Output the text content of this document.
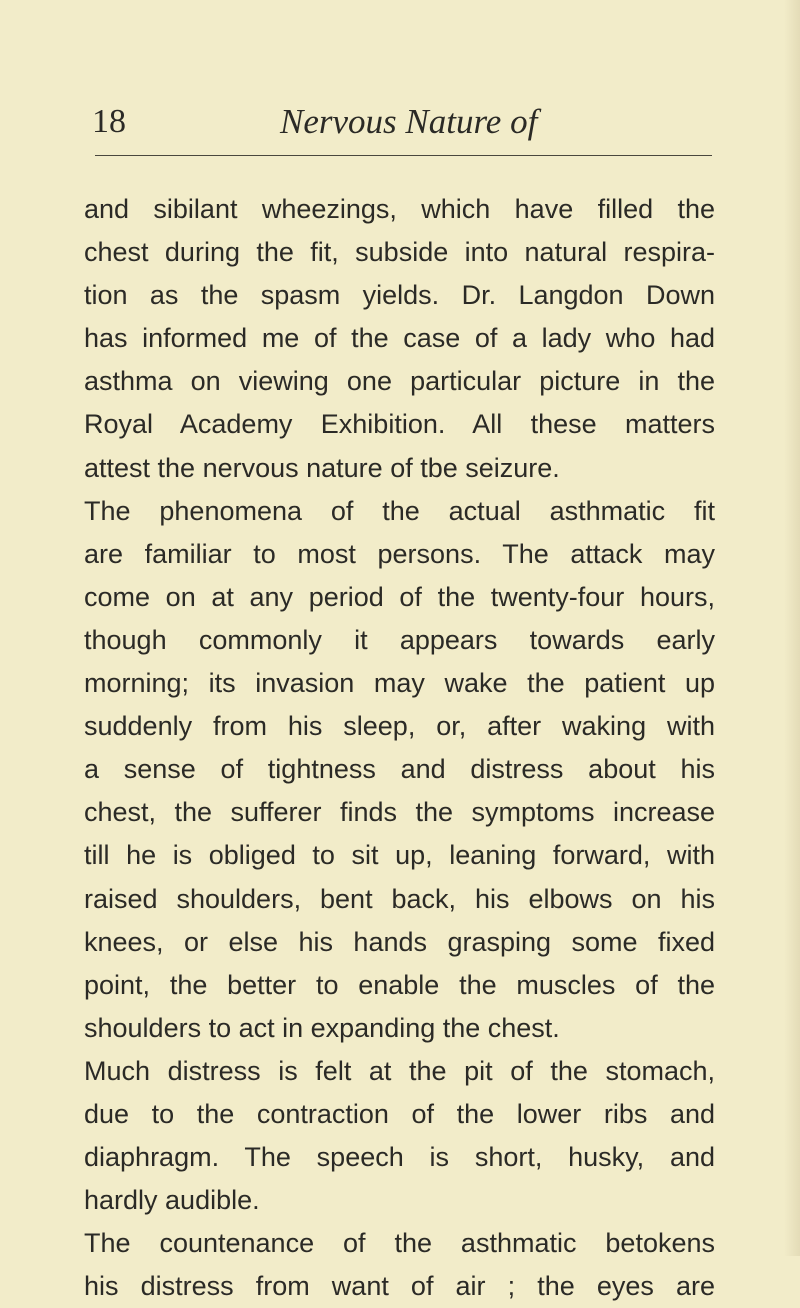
18	Nervous Nature of
and sibilant wheezings, which have filled the
chest during the fit, subside into natural respira-
tion as the spasm yields. Dr. Langdon Down
has informed me of the case of a lady who had
asthma on viewing one particular picture in the
Royal Academy Exhibition. All these matters
attest the nervous nature of tbe seizure.
The phenomena of the actual asthmatic fit
are familiar to most persons. The attack may
come on at any period of the twenty-four hours,
though commonly it appears towards early
morning; its invasion may wake the patient up
suddenly from his sleep, or, after waking with
a sense of tightness and distress about his
chest, the sufferer finds the symptoms increase
till he is obliged to sit up, leaning forward, with
raised shoulders, bent back, his elbows on his
knees, or else his hands grasping some fixed
point, the better to enable the muscles of the
shoulders to act in expanding the chest.
Much distress is felt at the pit of the stomach,
due to the contraction of the lower ribs and
diaphragm. The speech is short, husky, and
hardly audible.
The countenance of the asthmatic betokens
his distress from want of air ; the eyes are
